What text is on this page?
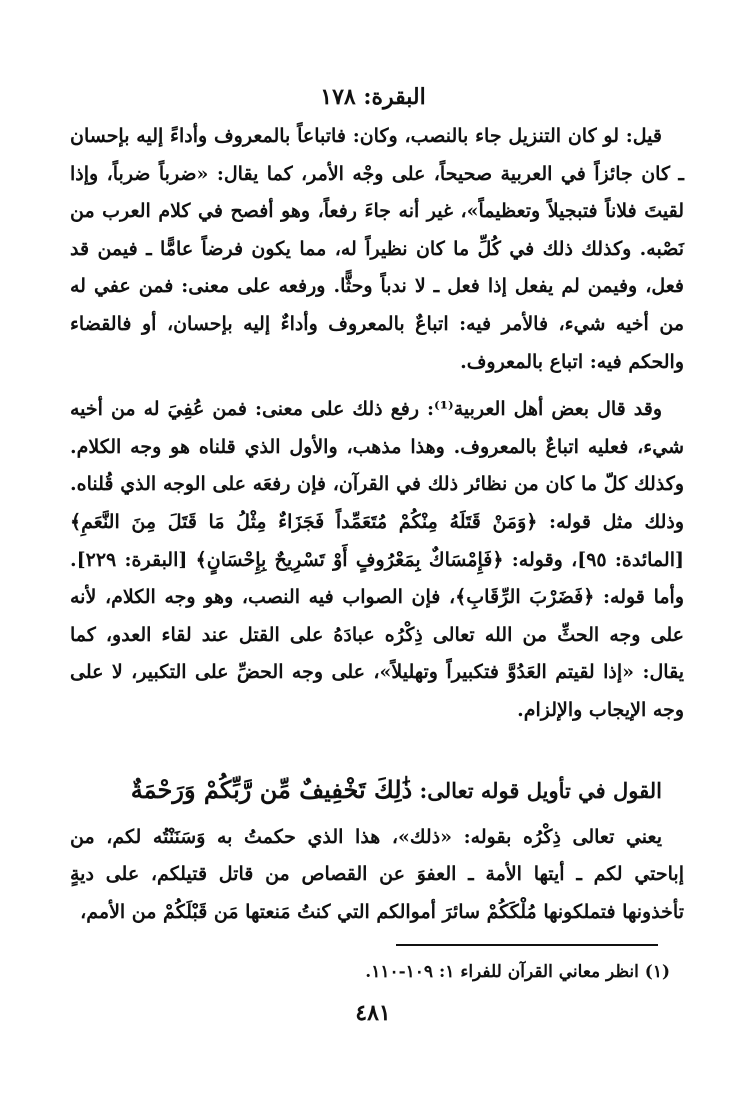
البقرة: ١٧٨

قيل: لو كان التنزيل جاء بالنصب، وكان: فاتباعاً بالمعروف وأداءً إليه بإحسان ـ كان جائزاً في العربية صحيحاً، على وجْه الأمر، كما يقال: «ضرباً ضرباً، وإذا لقيتَ فلاناً فتبجيلاً وتعظيماً»، غير أنه جاءَ رفعاً، وهو أفصح في كلام العرب من نَصْبه. وكذلك ذلك في كُلِّ ما كان نظيراً له، مما يكون فرضاً عامًّا ـ فيمن قد فعل، وفيمن لم يفعل إذا فعل ـ لا ندباً وحثًّا. ورفعه على معنى: فمن عفي له من أخيه شيء، فالأمر فيه: اتباعٌ بالمعروف وأداءٌ إليه بإحسان، أو فالقضاء والحكم فيه: اتباع بالمعروف.

وقد قال بعض أهل العربية⁽¹⁾: رفع ذلك على معنى: فمن عُفِيَ له من أخيه شيء، فعليه اتباعٌ بالمعروف. وهذا مذهب، والأول الذي قلناه هو وجه الكلام. وكذلك كلّ ما كان من نظائر ذلك في القرآن، فإن رفعَه على الوجه الذي قُلناه. وذلك مثل قوله: ﴿وَمَنْ قَتَلَهُ مِنْكُمْ مُتَعَمِّداً فَجَزَاءٌ مِثْلُ مَا قَتَلَ مِنَ النَّعَمِ﴾ [المائدة: ٩٥]، وقوله: ﴿فَإِمْسَاكٌ بِمَعْرُوفٍ أَوْ تَسْرِيحٌ بِإِحْسَانٍ﴾ [البقرة: ٢٢٩]. وأما قوله: ﴿فَضَرْبَ الرِّقَابِ﴾، فإن الصواب فيه النصب، وهو وجه الكلام، لأنه على وجه الحثِّ من الله تعالى ذِكْرُه عبادَهُ على القتل عند لقاء العدو، كما يقال: «إذا لقيتم العَدُوَّ فتكبيراً وتهليلاً»، على وجه الحضِّ على التكبير، لا على وجه الإيجاب والإلزام.

القول في تأويل قوله تعالى: ذَٰلِكَ تَخْفِيفٌ مِّن رَّبِّكُمْ وَرَحْمَةٌ

يعني تعالى ذِكْرُه بقوله: «ذلك»، هذا الذي حكمتُ به وَسَنَنْتُه لكم، من إباحتي لكم ـ أيتها الأمة ـ العفوَ عن القصاص من قاتل قتيلكم، على ديةٍ تأخذونها فتملكونها مُلْكَكُمْ سائرَ أموالكم التي كنتُ مَنعتها مَن قَبْلَكُمْ من الأمم،

(١) انظر معاني القرآن للفراء ١: ١٠٩-١١٠.
٤٨١
